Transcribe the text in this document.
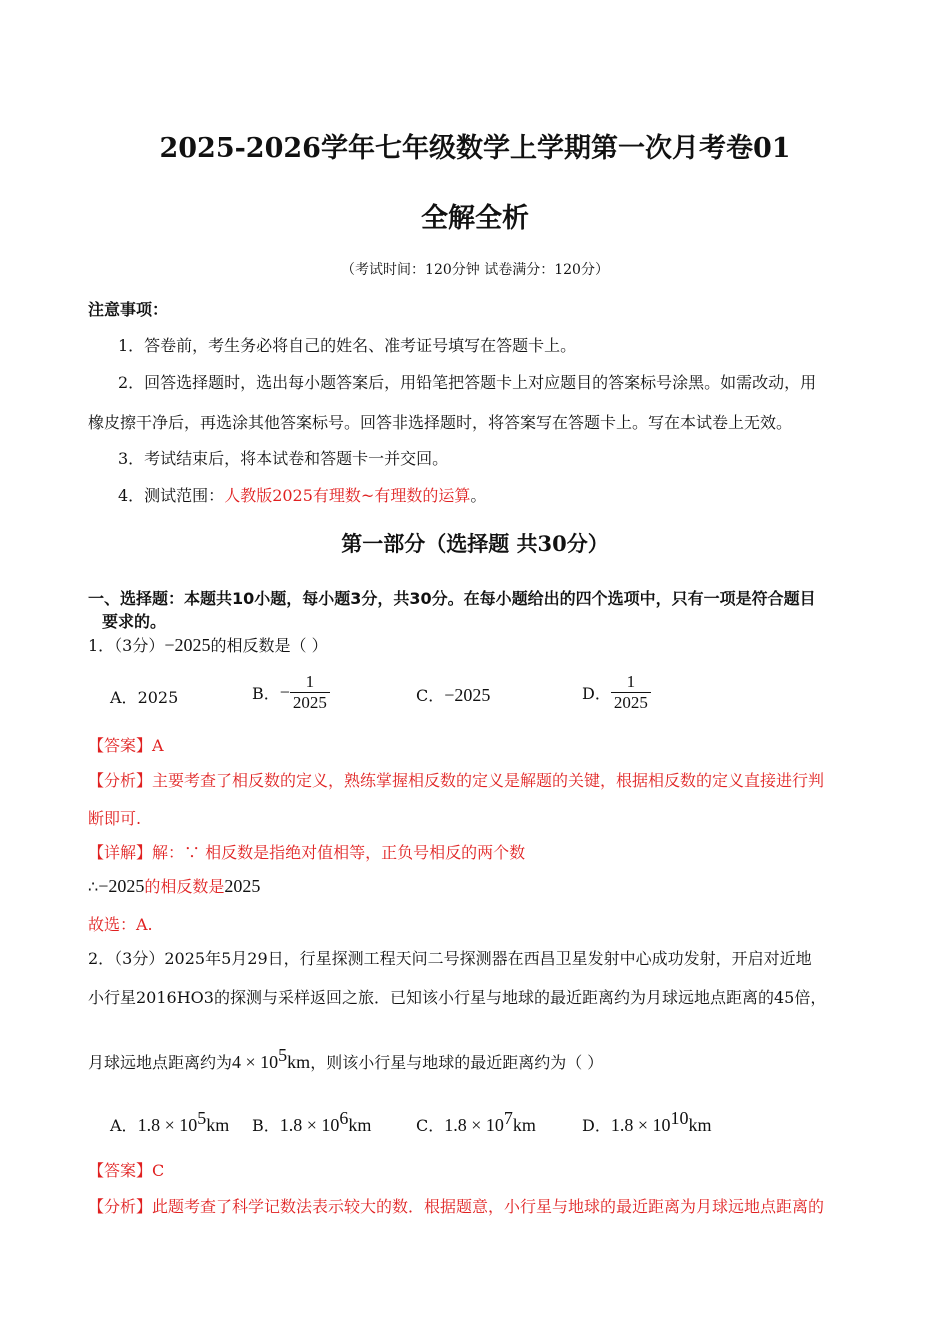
2025-2026学年七年级数学上学期第一次月考卷01
全解全析
（考试时间：120分钟 试卷满分：120分）
注意事项：
1．答卷前，考生务必将自己的姓名、准考证号填写在答题卡上。
2．回答选择题时，选出每小题答案后，用铅笔把答题卡上对应题目的答案标号涂黑。如需改动，用
橡皮擦干净后，再选涂其他答案标号。回答非选择题时，将答案写在答题卡上。写在本试卷上无效。
3．考试结束后，将本试卷和答题卡一并交回。
4．测试范围：人教版2025有理数~有理数的运算。
第一部分（选择题 共30分）
一、选择题：本题共10小题，每小题3分，共30分。在每小题给出的四个选项中，只有一项是符合题目
要求的。
1．（3分）−2025的相反数是（ ）
A．2025	B．− $\frac{1}{2025}$	C．−2025	D． $\frac{1}{2025}$
【答案】A
【分析】主要考查了相反数的定义，熟练掌握相反数的定义是解题的关键，根据相反数的定义直接进行判
断即可.
【详解】解：∵ 相反数是指绝对值相等，正负号相反的两个数
∴−2025的相反数是2025
故选：A.
2．（3分）2025年5月29日，行星探测工程天问二号探测器在西昌卫星发射中心成功发射，开启对近地
小行星2016HO3的探测与采样返回之旅．已知该小行星与地球的最近距离约为月球远地点距离的45倍，
月球远地点距离约为$4 \times 10^5km$，则该小行星与地球的最近距离约为（ ）
A．$1.8 \times 10^5km$ B．$1.8 \times 10^6km$	C．$1.8 \times 10^7km$	D．$1.8 \times 10^{10}km$
【答案】C
【分析】此题考查了科学记数法表示较大的数．根据题意，小行星与地球的最近距离为月球远地点距离的
